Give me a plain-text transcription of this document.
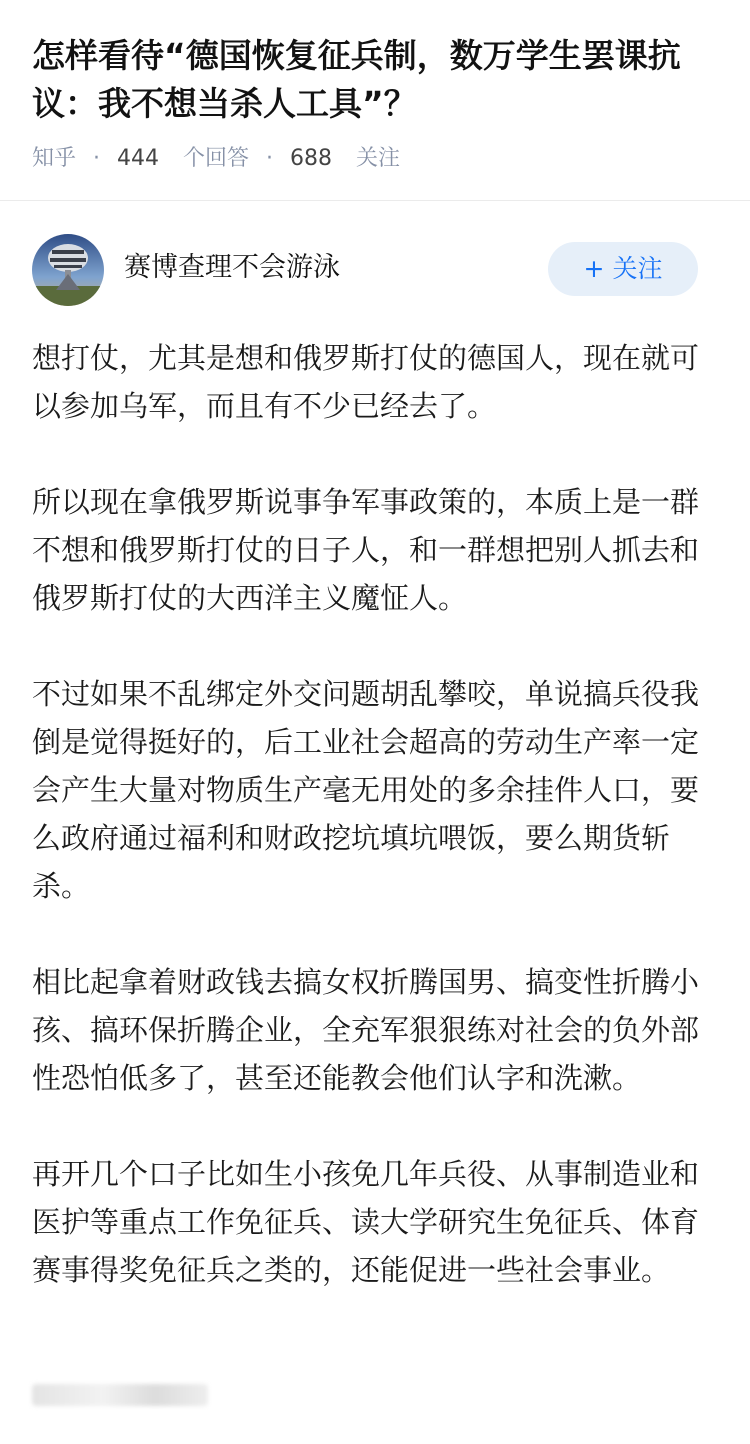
怎样看待“德国恢复征兵制，数万学生罢课抗议：我不想当杀人工具”？
知乎 · 444 个回答 · 688 关注
赛博查理不会游泳	+ 关注

想打仗，尤其是想和俄罗斯打仗的德国人，现在就可以参加乌军，而且有不少已经去了。

所以现在拿俄罗斯说事争军事政策的，本质上是一群不想和俄罗斯打仗的日子人，和一群想把别人抓去和俄罗斯打仗的大西洋主义魔怔人。

不过如果不乱绑定外交问题胡乱攀咬，单说搞兵役我倒是觉得挺好的，后工业社会超高的劳动生产率一定会产生大量对物质生产毫无用处的多余挂件人口，要么政府通过福利和财政挖坑填坑喂饭，要么期货斩杀。

相比起拿着财政钱去搞女权折腾国男、搞变性折腾小孩、搞环保折腾企业，全充军狠狠练对社会的负外部性恐怕低多了，甚至还能教会他们认字和洗漱。

再开几个口子比如生小孩免几年兵役、从事制造业和医护等重点工作免征兵、读大学研究生免征兵、体育赛事得奖免征兵之类的，还能促进一些社会事业。
